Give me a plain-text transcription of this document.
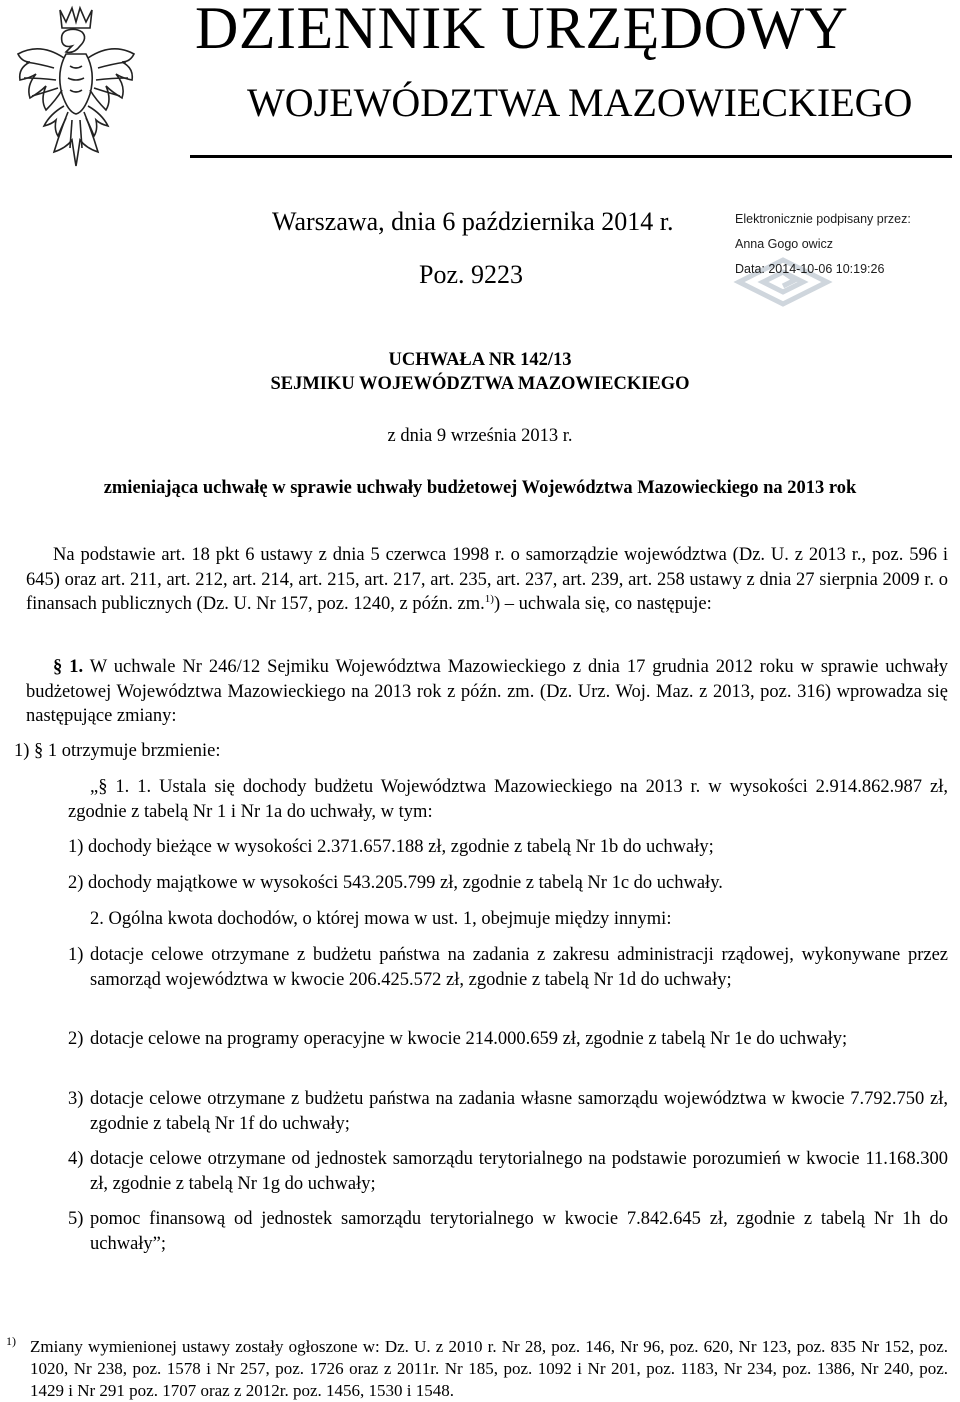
DZIENNIK URZĘDOWY
WOJEWÓDZTWA MAZOWIECKIEGO
Warszawa, dnia 6 października 2014 r.
Poz. 9223
Elektronicznie podpisany przez:
Anna Gogo owicz
Data: 2014-10-06 10:19:26
UCHWAŁA NR 142/13
SEJMIKU WOJEWÓDZTWA MAZOWIECKIEGO
z dnia 9 września 2013 r.
zmieniająca uchwałę w sprawie uchwały budżetowej Województwa Mazowieckiego na 2013 rok
Na podstawie art. 18 pkt 6 ustawy z dnia 5 czerwca 1998 r. o samorządzie województwa (Dz. U. z 2013 r., poz. 596 i 645) oraz art. 211, art. 212, art. 214, art. 215, art. 217, art. 235, art. 237, art. 239, art. 258 ustawy z dnia 27 sierpnia 2009 r. o finansach publicznych (Dz. U. Nr 157, poz. 1240, z późn. zm.$^{1)}$) – uchwala się, co następuje:
§ 1. W uchwale Nr 246/12 Sejmiku Województwa Mazowieckiego z dnia 17 grudnia 2012 roku w sprawie uchwały budżetowej Województwa Mazowieckiego na 2013 rok z późn. zm. (Dz. Urz. Woj. Maz. z 2013, poz. 316) wprowadza się następujące zmiany:
1) § 1 otrzymuje brzmienie:
„§ 1. 1. Ustala się dochody budżetu Województwa Mazowieckiego na 2013 r. w wysokości 2.914.862.987 zł, zgodnie z tabelą Nr 1 i Nr 1a do uchwały, w tym:
1) dochody bieżące w wysokości 2.371.657.188 zł, zgodnie z tabelą Nr 1b do uchwały;
2) dochody majątkowe w wysokości 543.205.799 zł, zgodnie z tabelą Nr 1c do uchwały.
2. Ogólna kwota dochodów, o której mowa w ust. 1, obejmuje między innymi:
1) dotacje celowe otrzymane z budżetu państwa na zadania z zakresu administracji rządowej, wykonywane przez samorząd województwa w kwocie 206.425.572 zł, zgodnie z tabelą Nr 1d do uchwały;
2) dotacje celowe na programy operacyjne w kwocie 214.000.659 zł, zgodnie z tabelą Nr 1e do uchwały;
3) dotacje celowe otrzymane z budżetu państwa na zadania własne samorządu województwa w kwocie 7.792.750 zł, zgodnie z tabelą Nr 1f do uchwały;
4) dotacje celowe otrzymane od jednostek samorządu terytorialnego na podstawie porozumień w kwocie 11.168.300 zł, zgodnie z tabelą Nr 1g do uchwały;
5) pomoc finansową od jednostek samorządu terytorialnego w kwocie 7.842.645 zł, zgodnie z tabelą Nr 1h do uchwały”;
1) Zmiany wymienionej ustawy zostały ogłoszone w: Dz. U. z 2010 r. Nr 28, poz. 146, Nr 96, poz. 620, Nr 123, poz. 835 Nr 152, poz. 1020, Nr 238, poz. 1578 i Nr 257, poz. 1726 oraz z 2011r. Nr 185, poz. 1092 i Nr 201, poz. 1183, Nr 234, poz. 1386, Nr 240, poz. 1429 i Nr 291 poz. 1707 oraz z 2012r. poz. 1456, 1530 i 1548.
